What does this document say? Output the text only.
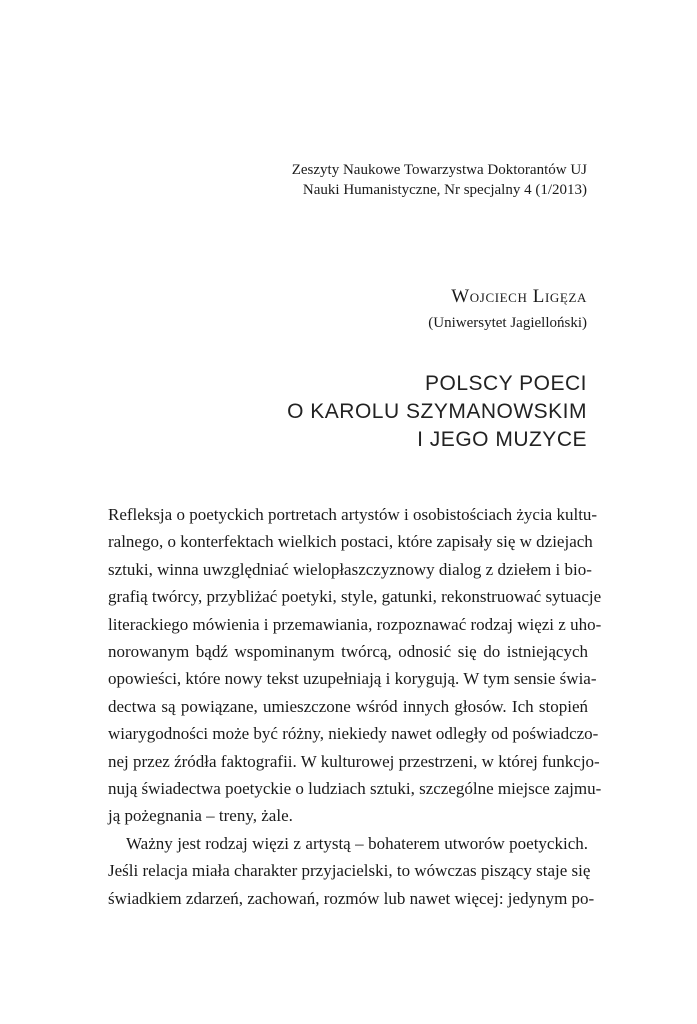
Zeszyty Naukowe Towarzystwa Doktorantów UJ
Nauki Humanistyczne, Nr specjalny 4 (1/2013)
Wojciech Ligęza
(Uniwersytet Jagielloński)
POLSCY POECI
O KAROLU SZYMANOWSKIM
I JEGO MUZYCE

Refleksja o poetyckich portretach artystów i osobistościach życia kultu-
ralnego, o konterfektach wielkich postaci, które zapisały się w dziejach
sztuki, winna uwzględniać wielopłaszczyznowy dialog z dziełem i bio-
grafią twórcy, przybliżać poetyki, style, gatunki, rekonstruować sytuacje
literackiego mówienia i przemawiania, rozpoznawać rodzaj więzi z uho-
norowanym bądź wspominanym twórcą, odnosić się do istniejących
opowieści, które nowy tekst uzupełniają i korygują. W tym sensie świa-
dectwa są powiązane, umieszczone wśród innych głosów. Ich stopień
wiarygodności może być różny, niekiedy nawet odległy od poświadczo-
nej przez źródła faktografii. W kulturowej przestrzeni, w której funkcjo-
nują świadectwa poetyckie o ludziach sztuki, szczególne miejsce zajmu-
ją pożegnania – treny, żale.

Ważny jest rodzaj więzi z artystą – bohaterem utworów poetyckich.
Jeśli relacja miała charakter przyjacielski, to wówczas piszący staje się
świadkiem zdarzeń, zachowań, rozmów lub nawet więcej: jedynym po-
